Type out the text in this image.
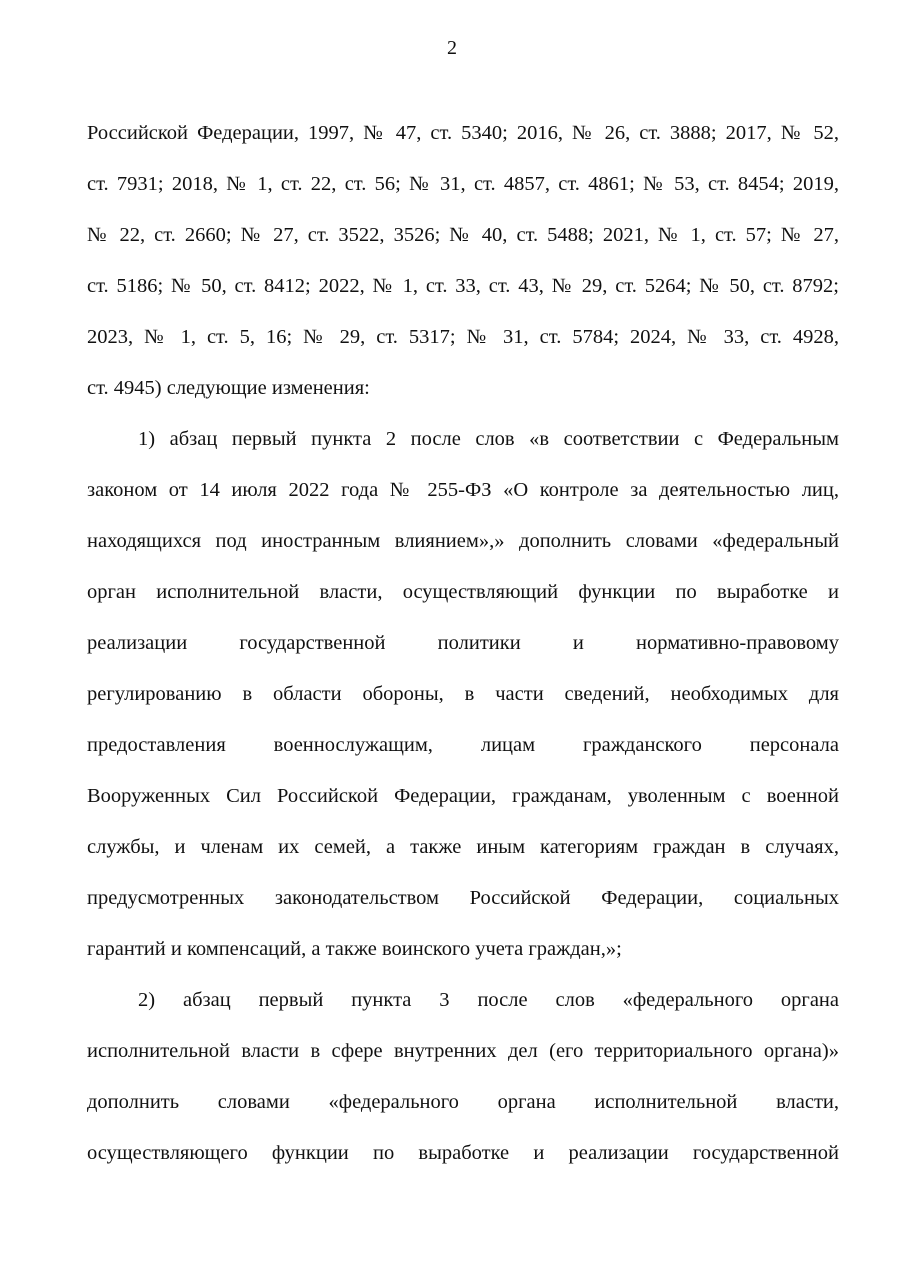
2
Российской Федерации, 1997, № 47, ст. 5340; 2016, № 26, ст. 3888; 2017, № 52,
ст. 7931; 2018, № 1, ст. 22, ст. 56; № 31, ст. 4857, ст. 4861; № 53, ст. 8454; 2019,
№ 22, ст. 2660; № 27, ст. 3522, 3526; № 40, ст. 5488; 2021, № 1, ст. 57; № 27,
ст. 5186; № 50, ст. 8412; 2022, № 1, ст. 33, ст. 43, № 29, ст. 5264; № 50, ст. 8792;
2023, № 1, ст. 5, 16; № 29, ст. 5317; № 31, ст. 5784; 2024, № 33, ст. 4928,
ст. 4945) следующие изменения:
1) абзац первый пункта 2 после слов «в соответствии с Федеральным
законом от 14 июля 2022 года № 255-ФЗ «О контроле за деятельностью лиц,
находящихся под иностранным влиянием»,» дополнить словами «федеральный
орган исполнительной власти, осуществляющий функции по выработке и
реализации государственной политики и нормативно-правовому
регулированию в области обороны, в части сведений, необходимых для
предоставления военнослужащим, лицам гражданского персонала
Вооруженных Сил Российской Федерации, гражданам, уволенным с военной
службы, и членам их семей, а также иным категориям граждан в случаях,
предусмотренных законодательством Российской Федерации, социальных
гарантий и компенсаций, а также воинского учета граждан,»;
2) абзац первый пункта 3 после слов «федерального органа
исполнительной власти в сфере внутренних дел (его территориального органа)»
дополнить словами «федерального органа исполнительной власти,
осуществляющего функции по выработке и реализации государственной
